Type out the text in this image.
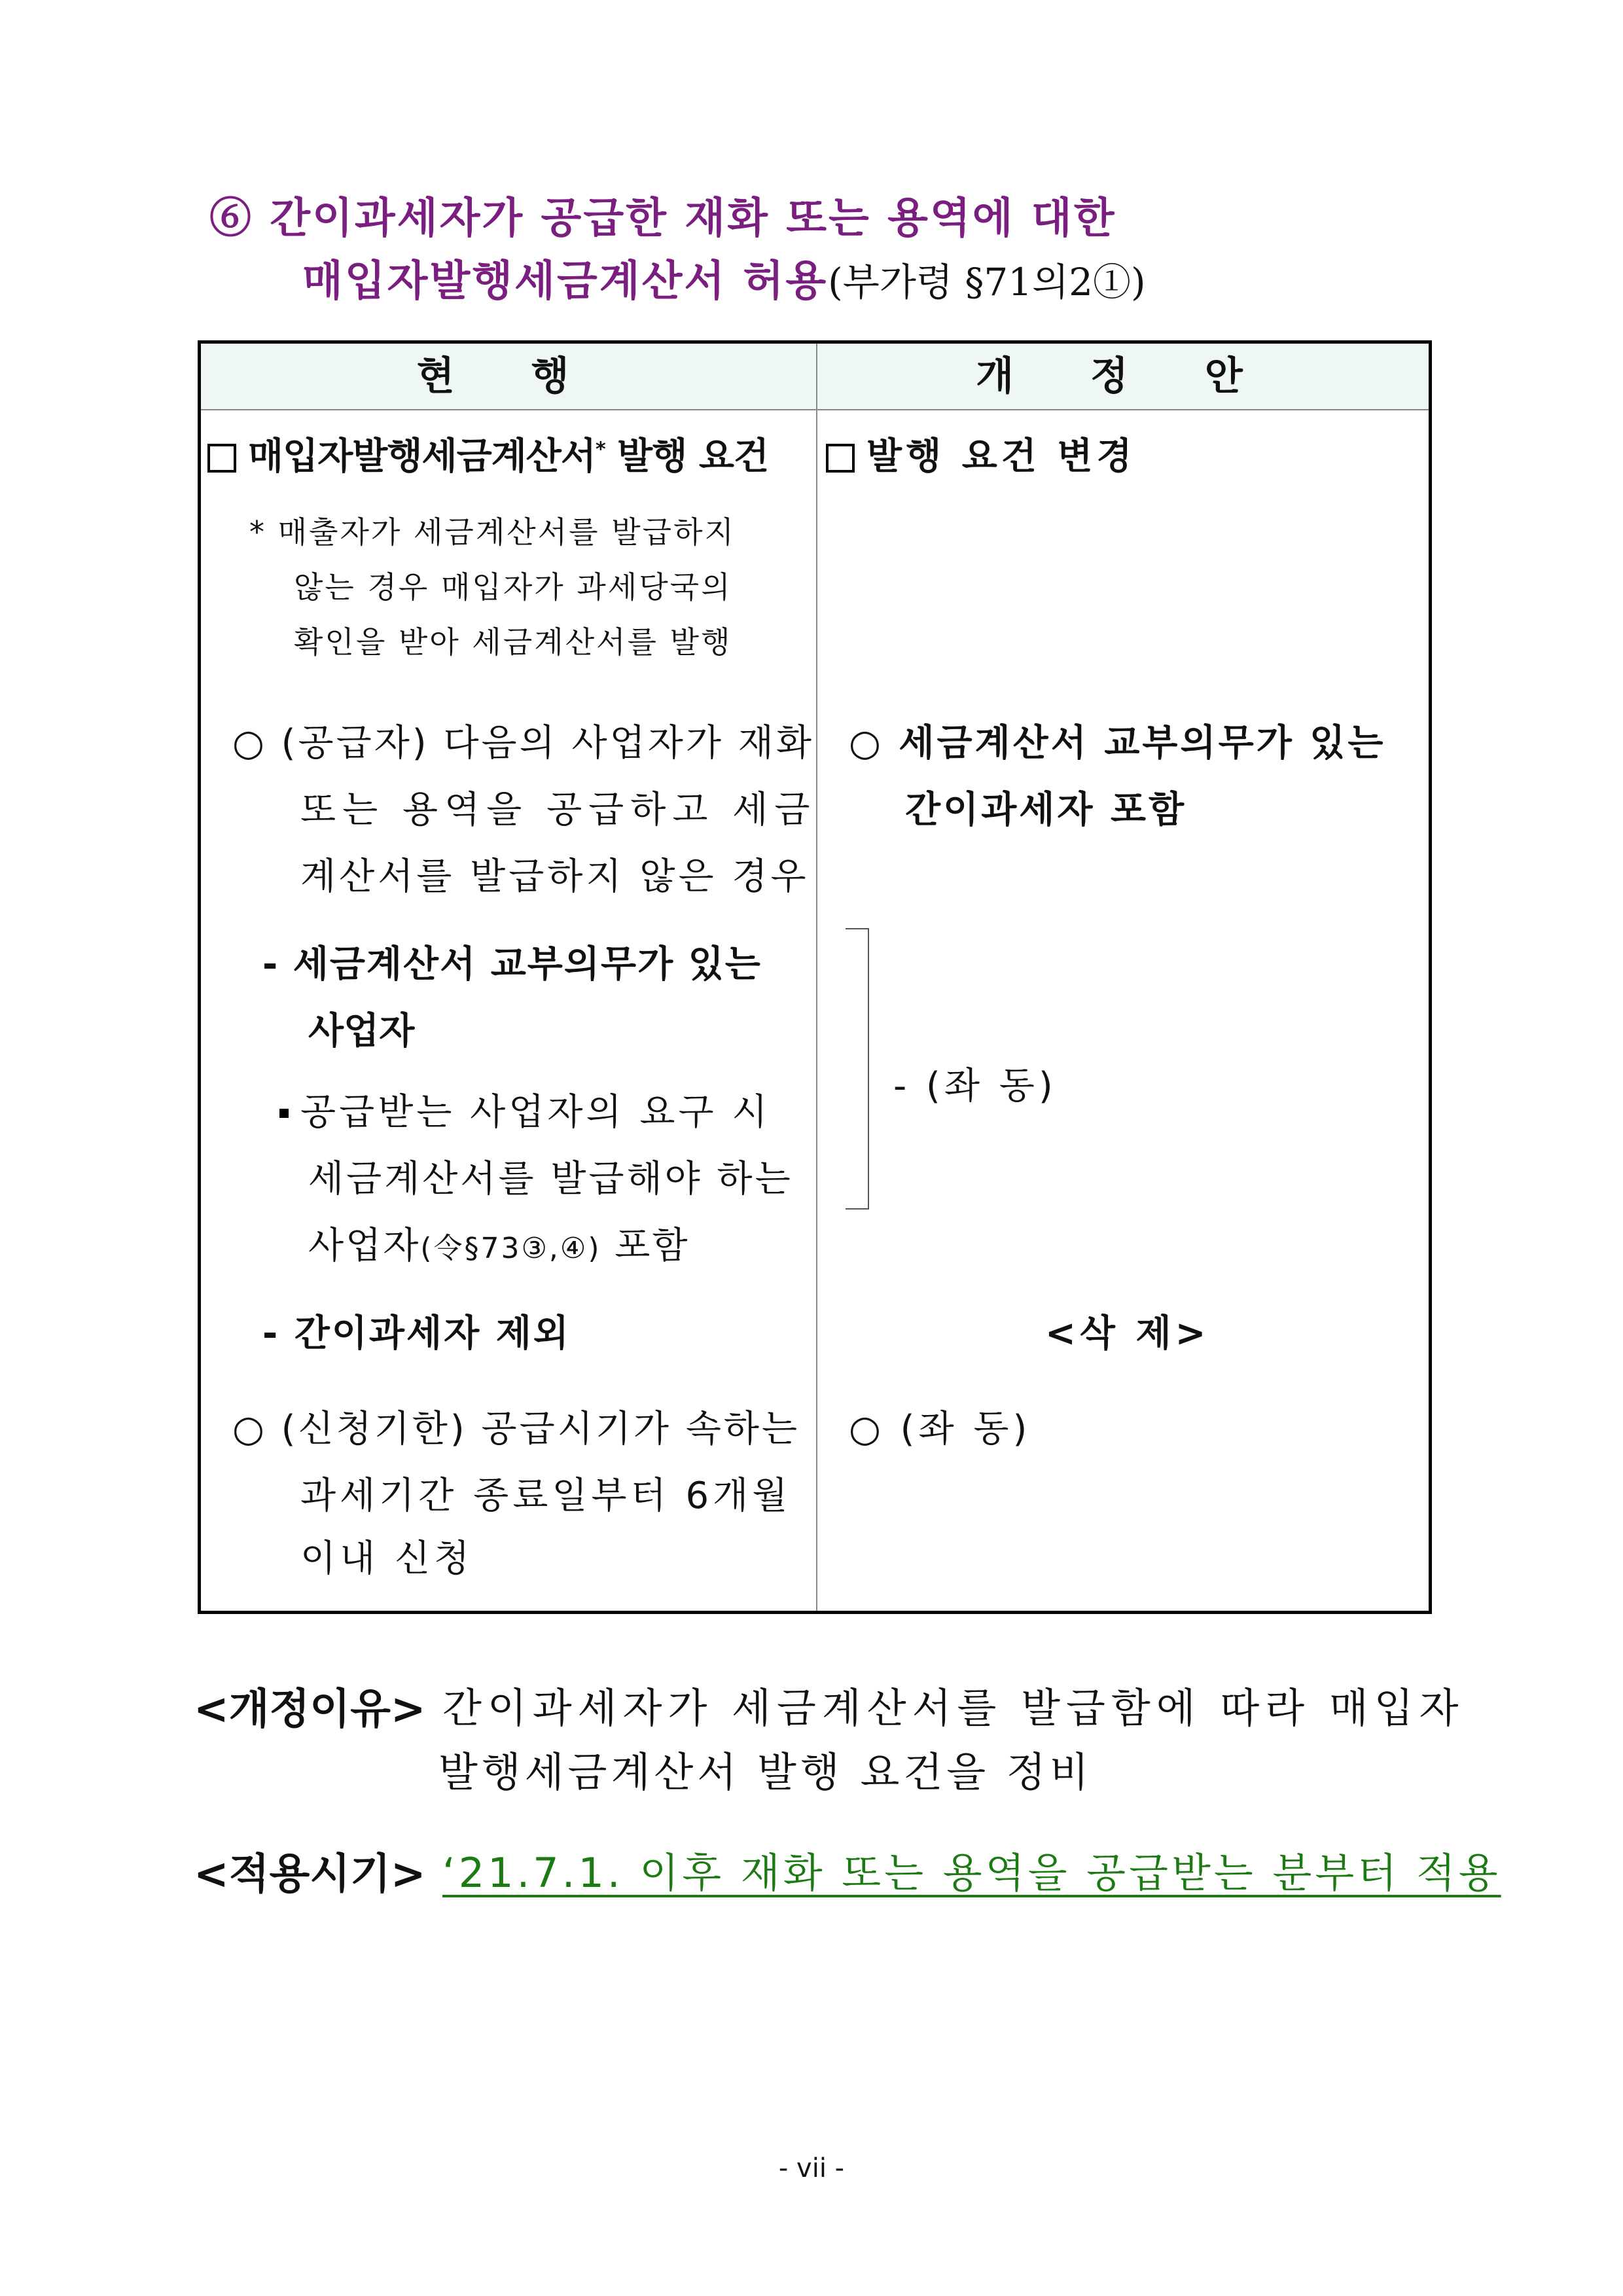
⑥ 간이과세자가 공급한 재화 또는 용역에 대한
매입자발행세금계산서 허용(부가령 §71의2①)
현 행	개 정 안
매입자발행세금계산서* 발행 요건
* 매출자가 세금계산서를 발급하지
않는 경우 매입자가 과세당국의
확인을 받아 세금계산서를 발행
○ (공급자) 다음의 사업자가 재화
또는 용역을 공급하고 세금
계산서를 발급하지 않은 경우
- 세금계산서 교부의무가 있는
사업자
공급받는 사업자의 요구 시
세금계산서를 발급해야 하는
사업자(令§73③,④) 포함
- 간이과세자 제외
○ (신청기한) 공급시기가 속하는
과세기간 종료일부터 6개월
이내 신청
발행 요건 변경
○ 세금계산서 교부의무가 있는
간이과세자 포함
- (좌 동)
<삭 제>
○ (좌 동)
<개정이유> 간이과세자가 세금계산서를 발급함에 따라 매입자
발행세금계산서 발행 요건을 정비
<적용시기> ‘21.7.1. 이후 재화 또는 용역을 공급받는 분부터 적용
- vii -
